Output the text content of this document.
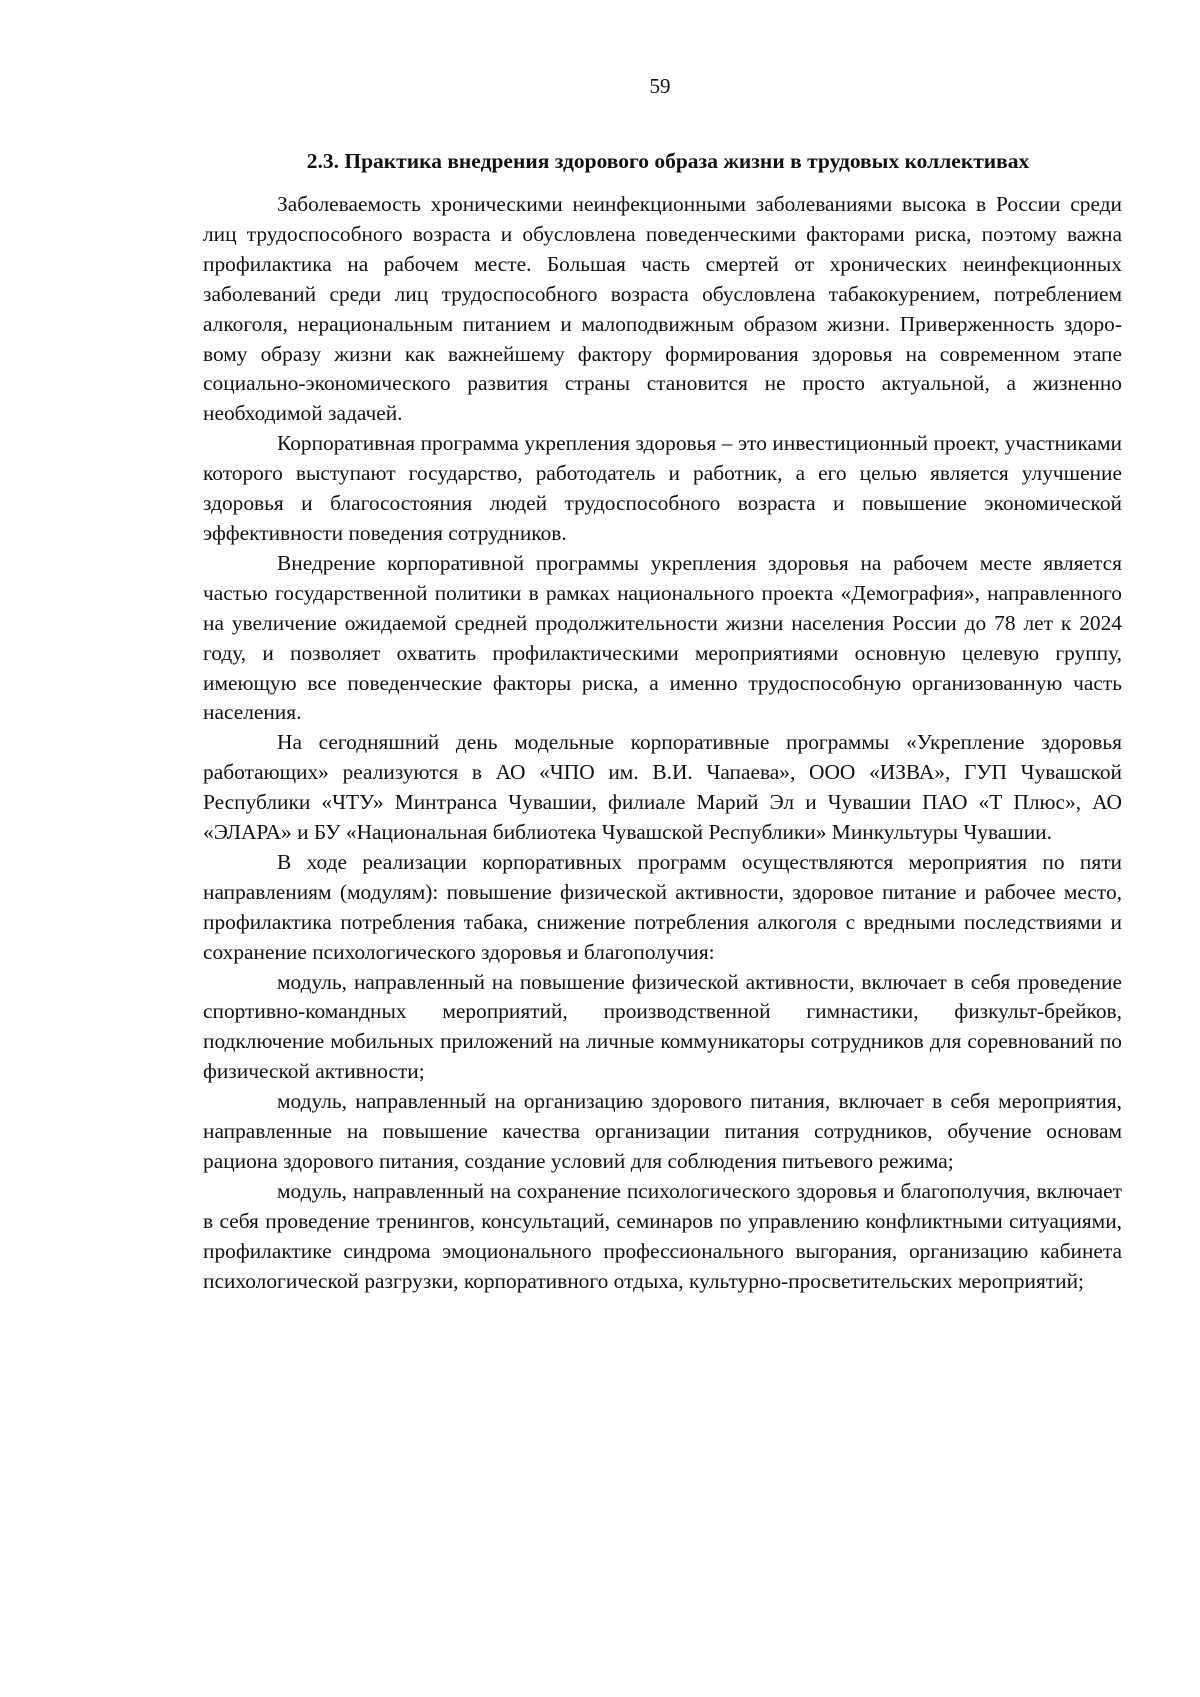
59
2.3. Практика внедрения здорового образа жизни в трудовых коллективах

Заболеваемость хроническими неинфекционными заболеваниями высока в России среди лиц трудоспособного возраста и обусловлена поведенческими факторами риска, поэтому важна профилактика на рабочем месте. Большая часть смертей от хронических неинфекционных заболеваний среди лиц трудоспособного возраста обусловлена табакокурением, потреблением алкоголя, нерациональным питанием и малоподвижным образом жизни. Приверженность здоровому образу жизни как важнейшему фактору формирования здоровья на современном этапе социально-экономического развития страны становится не просто актуальной, а жизненно необходимой задачей.

Корпоративная программа укрепления здоровья – это инвестиционный проект, участниками которого выступают государство, работодатель и работник, а его целью является улучшение здоровья и благосостояния людей трудоспособного возраста и повышение экономической эффективности поведения сотрудников.

Внедрение корпоративной программы укрепления здоровья на рабочем месте является частью государственной политики в рамках национального проекта «Демография», направленного на увеличение ожидаемой средней продолжительности жизни населения России до 78 лет к 2024 году, и позволяет охватить профилактическими мероприятиями основную целевую группу, имеющую все поведенческие факторы риска, а именно трудоспособную организованную часть населения.

На сегодняшний день модельные корпоративные программы «Укрепление здоровья работающих» реализуются в АО «ЧПО им. В.И. Чапаева», ООО «ИЗВА», ГУП Чувашской Республики «ЧТУ» Минтранса Чувашии, филиале Марий Эл и Чувашии ПАО «Т Плюс», АО «ЭЛАРА» и БУ «Национальная библиотека Чувашской Республики» Минкультуры Чувашии.

В ходе реализации корпоративных программ осуществляются мероприятия по пяти направлениям (модулям): повышение физической активности, здоровое питание и рабочее место, профилактика потребления табака, снижение потребления алкоголя с вредными последствиями и сохранение психологического здоровья и благополучия:

модуль, направленный на повышение физической активности, включает в себя проведение спортивно-командных мероприятий, производственной гимнастики, физкульт-брейков, подключение мобильных приложений на личные коммуникаторы сотрудников для соревнований по физической активности;

модуль, направленный на организацию здорового питания, включает в себя мероприятия, направленные на повышение качества организации питания сотрудников, обучение основам рациона здорового питания, создание условий для соблюдения питьевого режима;

модуль, направленный на сохранение психологического здоровья и благополучия, включает в себя проведение тренингов, консультаций, семинаров по управлению конфликтными ситуациями, профилактике синдрома эмоционального профессионального выгорания, организацию кабинета психологической разгрузки, корпоративного отдыха, культурно-просветительских мероприятий;
